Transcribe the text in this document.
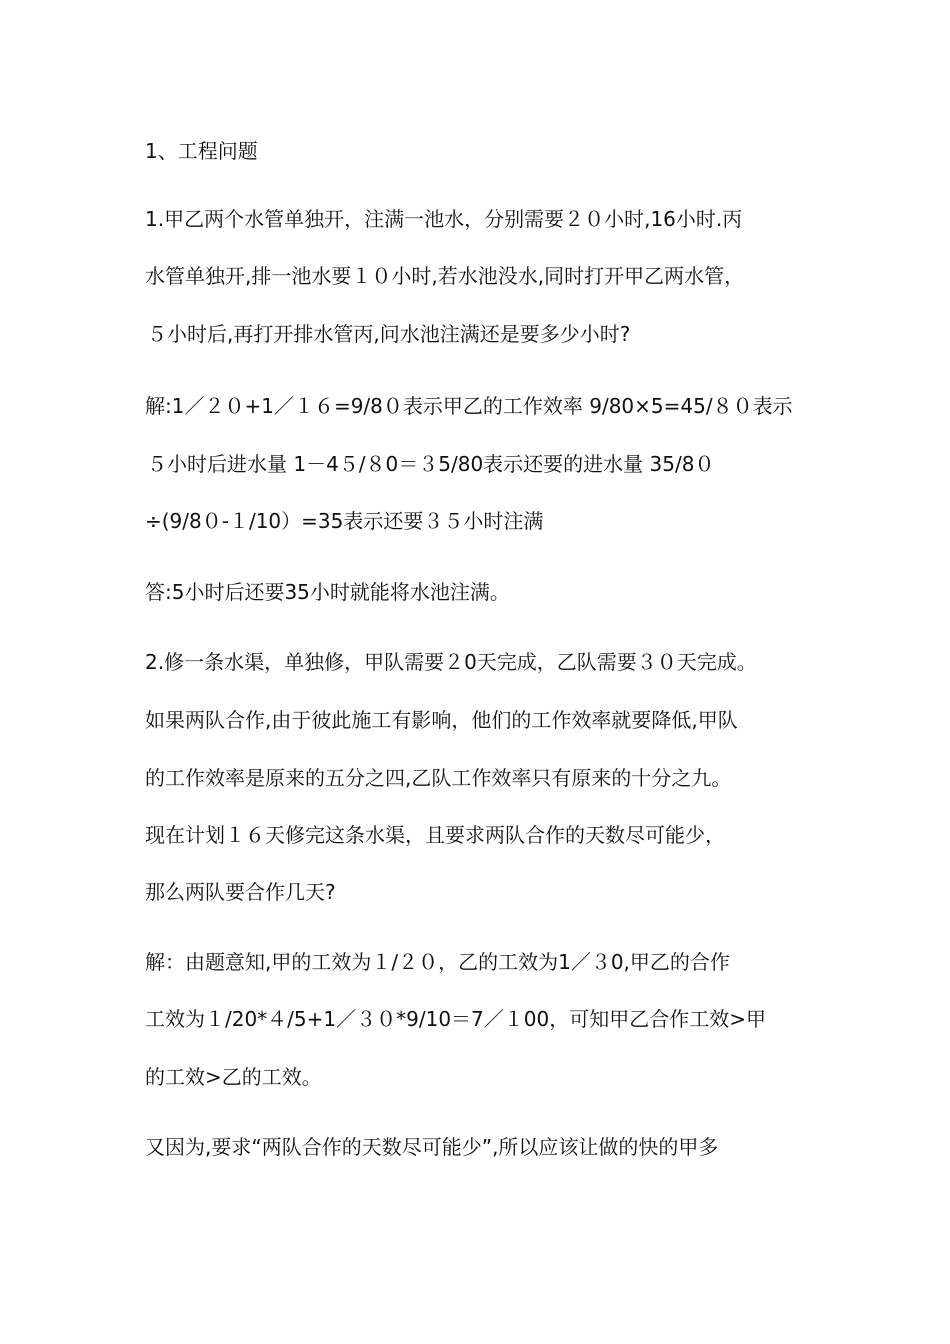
1、工程问题
1.甲乙两个水管单独开，注满一池水，分别需要２０小时,16小时.丙
水管单独开,排一池水要１０小时,若水池没水,同时打开甲乙两水管，
５小时后,再打开排水管丙,问水池注满还是要多少小时?
解:1／２０+1／１６=9/8０表示甲乙的工作效率 9/80×5=45/８０表示
５小时后进水量 1－4５/８0＝３5/80表示还要的进水量 35/8０
÷(9/8０-１/10）=35表示还要３５小时注满
答:5小时后还要35小时就能将水池注满。
2.修一条水渠，单独修，甲队需要２0天完成，乙队需要３０天完成。
如果两队合作,由于彼此施工有影响，他们的工作效率就要降低,甲队
的工作效率是原来的五分之四,乙队工作效率只有原来的十分之九。
现在计划１６天修完这条水渠，且要求两队合作的天数尽可能少，
那么两队要合作几天?
解：由题意知,甲的工效为１/２０，乙的工效为1／３0,甲乙的合作
工效为１/20*４/5+1／３０*9/10＝7／１00，可知甲乙合作工效>甲
的工效>乙的工效。
又因为,要求“两队合作的天数尽可能少”,所以应该让做的快的甲多
